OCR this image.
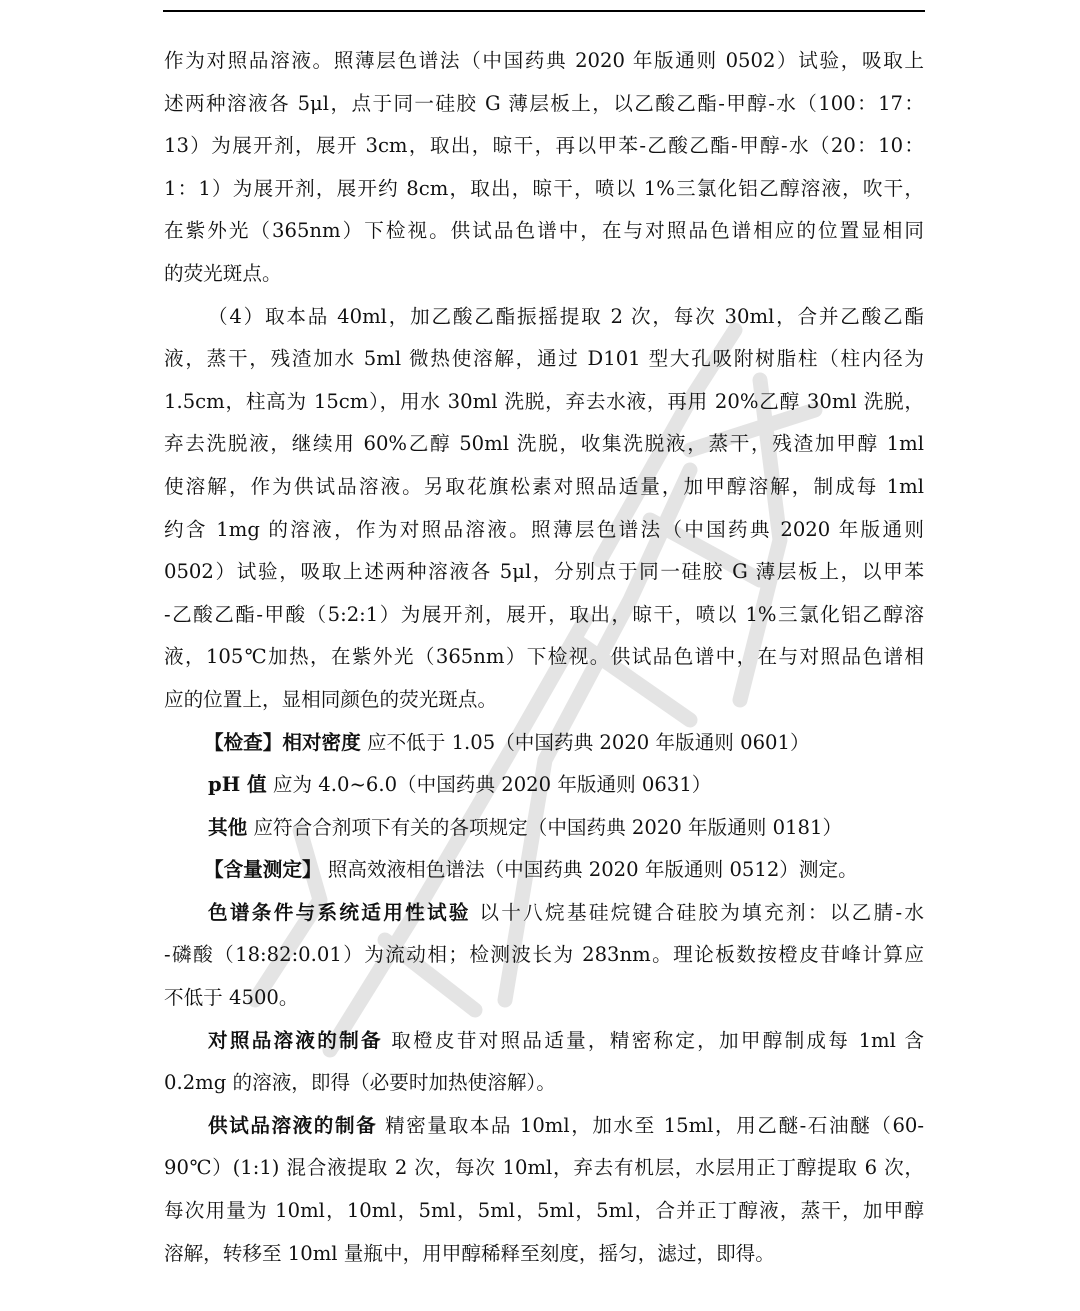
作为对照品溶液。照薄层色谱法（中国药典 2020 年版通则 0502）试验，吸取上
述两种溶液各 5μl，点于同一硅胶 G 薄层板上，以乙酸乙酯-甲醇-水（100：17：
13）为展开剂，展开 3cm，取出，晾干，再以甲苯-乙酸乙酯-甲醇-水（20：10：
1：1）为展开剂，展开约 8cm，取出，晾干，喷以 1%三氯化铝乙醇溶液，吹干，
在紫外光（365nm）下检视。供试品色谱中，在与对照品色谱相应的位置显相同
的荧光斑点。
（4）取本品 40ml，加乙酸乙酯振摇提取 2 次，每次 30ml，合并乙酸乙酯
液，蒸干，残渣加水 5ml 微热使溶解，通过 D101 型大孔吸附树脂柱（柱内径为
1.5cm，柱高为 15cm），用水 30ml 洗脱，弃去水液，再用 20%乙醇 30ml 洗脱，
弃去洗脱液，继续用 60%乙醇 50ml 洗脱，收集洗脱液，蒸干，残渣加甲醇 1ml
使溶解，作为供试品溶液。另取花旗松素对照品适量，加甲醇溶解，制成每 1ml
约含 1mg 的溶液，作为对照品溶液。照薄层色谱法（中国药典 2020 年版通则
0502）试验，吸取上述两种溶液各 5μl，分别点于同一硅胶 G 薄层板上，以甲苯
-乙酸乙酯-甲酸（5:2:1）为展开剂，展开，取出，晾干，喷以 1%三氯化铝乙醇溶
液，105℃加热，在紫外光（365nm）下检视。供试品色谱中，在与对照品色谱相
应的位置上，显相同颜色的荧光斑点。
【检查】相对密度 应不低于 1.05（中国药典 2020 年版通则 0601）
pH 值 应为 4.0~6.0（中国药典 2020 年版通则 0631）
其他 应符合合剂项下有关的各项规定（中国药典 2020 年版通则 0181）
【含量测定】 照高效液相色谱法（中国药典 2020 年版通则 0512）测定。
色谱条件与系统适用性试验 以十八烷基硅烷键合硅胶为填充剂：以乙腈-水
-磷酸（18:82:0.01）为流动相；检测波长为 283nm。理论板数按橙皮苷峰计算应
不低于 4500。
对照品溶液的制备 取橙皮苷对照品适量，精密称定，加甲醇制成每 1ml 含
0.2mg 的溶液，即得（必要时加热使溶解）。
供试品溶液的制备 精密量取本品 10ml，加水至 15ml，用乙醚-石油醚（60-
90℃）(1:1) 混合液提取 2 次，每次 10ml，弃去有机层，水层用正丁醇提取 6 次，
每次用量为 10ml，10ml，5ml，5ml，5ml，5ml，合并正丁醇液，蒸干，加甲醇
溶解，转移至 10ml 量瓶中，用甲醇稀释至刻度，摇匀，滤过，即得。
